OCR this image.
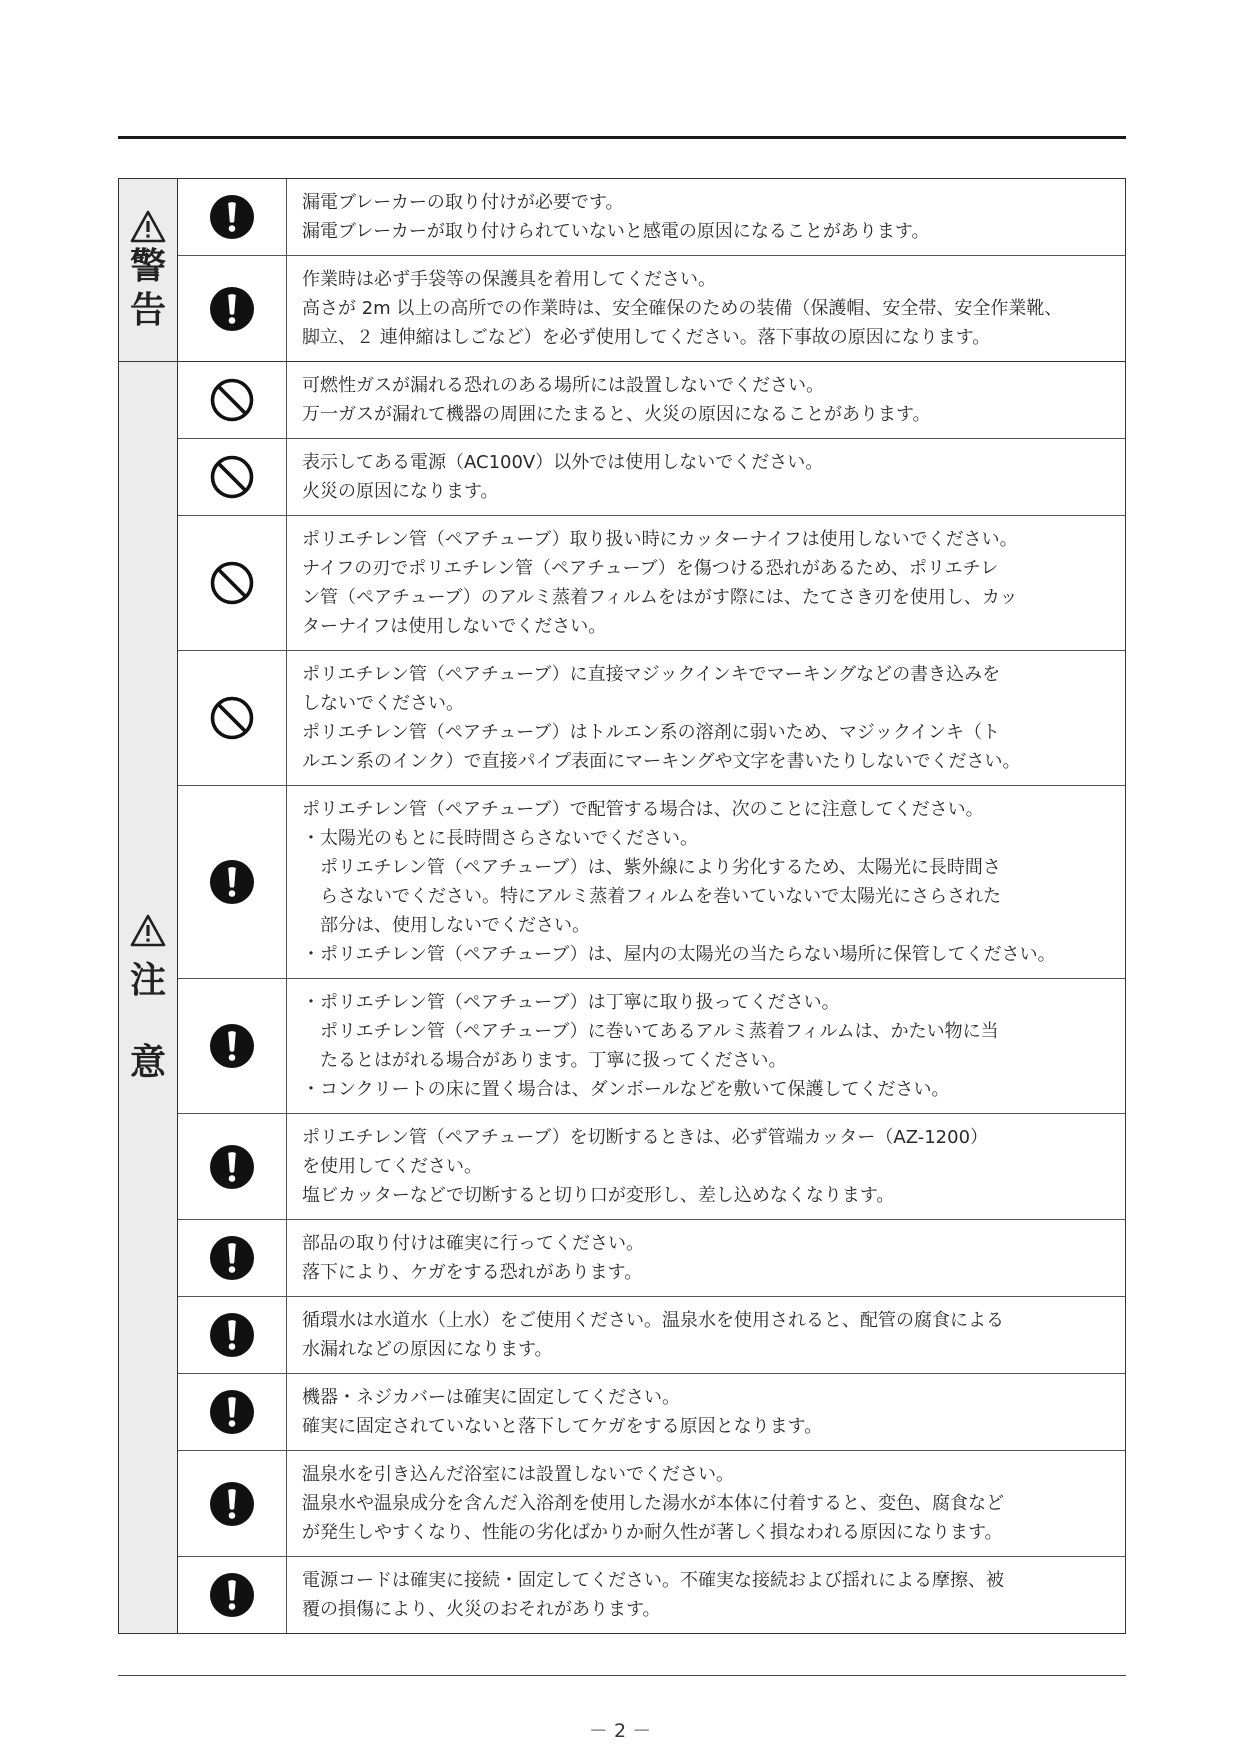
警
告
漏電ブレーカーの取り付けが必要です。
漏電ブレーカーが取り付けられていないと感電の原因になることがあります。
作業時は必ず手袋等の保護具を着用してください。
高さが 2m 以上の高所での作業時は、安全確保のための装備（保護帽、安全帯、安全作業靴、
脚立、２ 連伸縮はしごなど）を必ず使用してください。落下事故の原因になります。
注
意
可燃性ガスが漏れる恐れのある場所には設置しないでください。
万一ガスが漏れて機器の周囲にたまると、火災の原因になることがあります。
表示してある電源（AC100V）以外では使用しないでください。
火災の原因になります。
ポリエチレン管（ペアチューブ）取り扱い時にカッターナイフは使用しないでください。
ナイフの刃でポリエチレン管（ペアチューブ）を傷つける恐れがあるため、ポリエチレ
ン管（ペアチューブ）のアルミ蒸着フィルムをはがす際には、たてさき刃を使用し、カッ
ターナイフは使用しないでください。
ポリエチレン管（ペアチューブ）に直接マジックインキでマーキングなどの書き込みを
しないでください。
ポリエチレン管（ペアチューブ）はトルエン系の溶剤に弱いため、マジックインキ（ト
ルエン系のインク）で直接パイプ表面にマーキングや文字を書いたりしないでください。
ポリエチレン管（ペアチューブ）で配管する場合は、次のことに注意してください。
・太陽光のもとに長時間さらさないでください。
　ポリエチレン管（ペアチューブ）は、紫外線により劣化するため、太陽光に長時間さ
　らさないでください。特にアルミ蒸着フィルムを巻いていないで太陽光にさらされた
　部分は、使用しないでください。
・ポリエチレン管（ペアチューブ）は、屋内の太陽光の当たらない場所に保管してください。
・ポリエチレン管（ペアチューブ）は丁寧に取り扱ってください。
　ポリエチレン管（ペアチューブ）に巻いてあるアルミ蒸着フィルムは、かたい物に当
　たるとはがれる場合があります。丁寧に扱ってください。
・コンクリートの床に置く場合は、ダンボールなどを敷いて保護してください。
ポリエチレン管（ペアチューブ）を切断するときは、必ず管端カッター（AZ-1200）
を使用してください。
塩ビカッターなどで切断すると切り口が変形し、差し込めなくなります。
部品の取り付けは確実に行ってください。
落下により、ケガをする恐れがあります。
循環水は水道水（上水）をご使用ください。温泉水を使用されると、配管の腐食による
水漏れなどの原因になります。
機器・ネジカバーは確実に固定してください。
確実に固定されていないと落下してケガをする原因となります。
温泉水を引き込んだ浴室には設置しないでください。
温泉水や温泉成分を含んだ入浴剤を使用した湯水が本体に付着すると、変色、腐食など
が発生しやすくなり、性能の劣化ばかりか耐久性が著しく損なわれる原因になります。
電源コードは確実に接続・固定してください。不確実な接続および揺れによる摩擦、被
覆の損傷により、火災のおそれがあります。
－ 2 －
